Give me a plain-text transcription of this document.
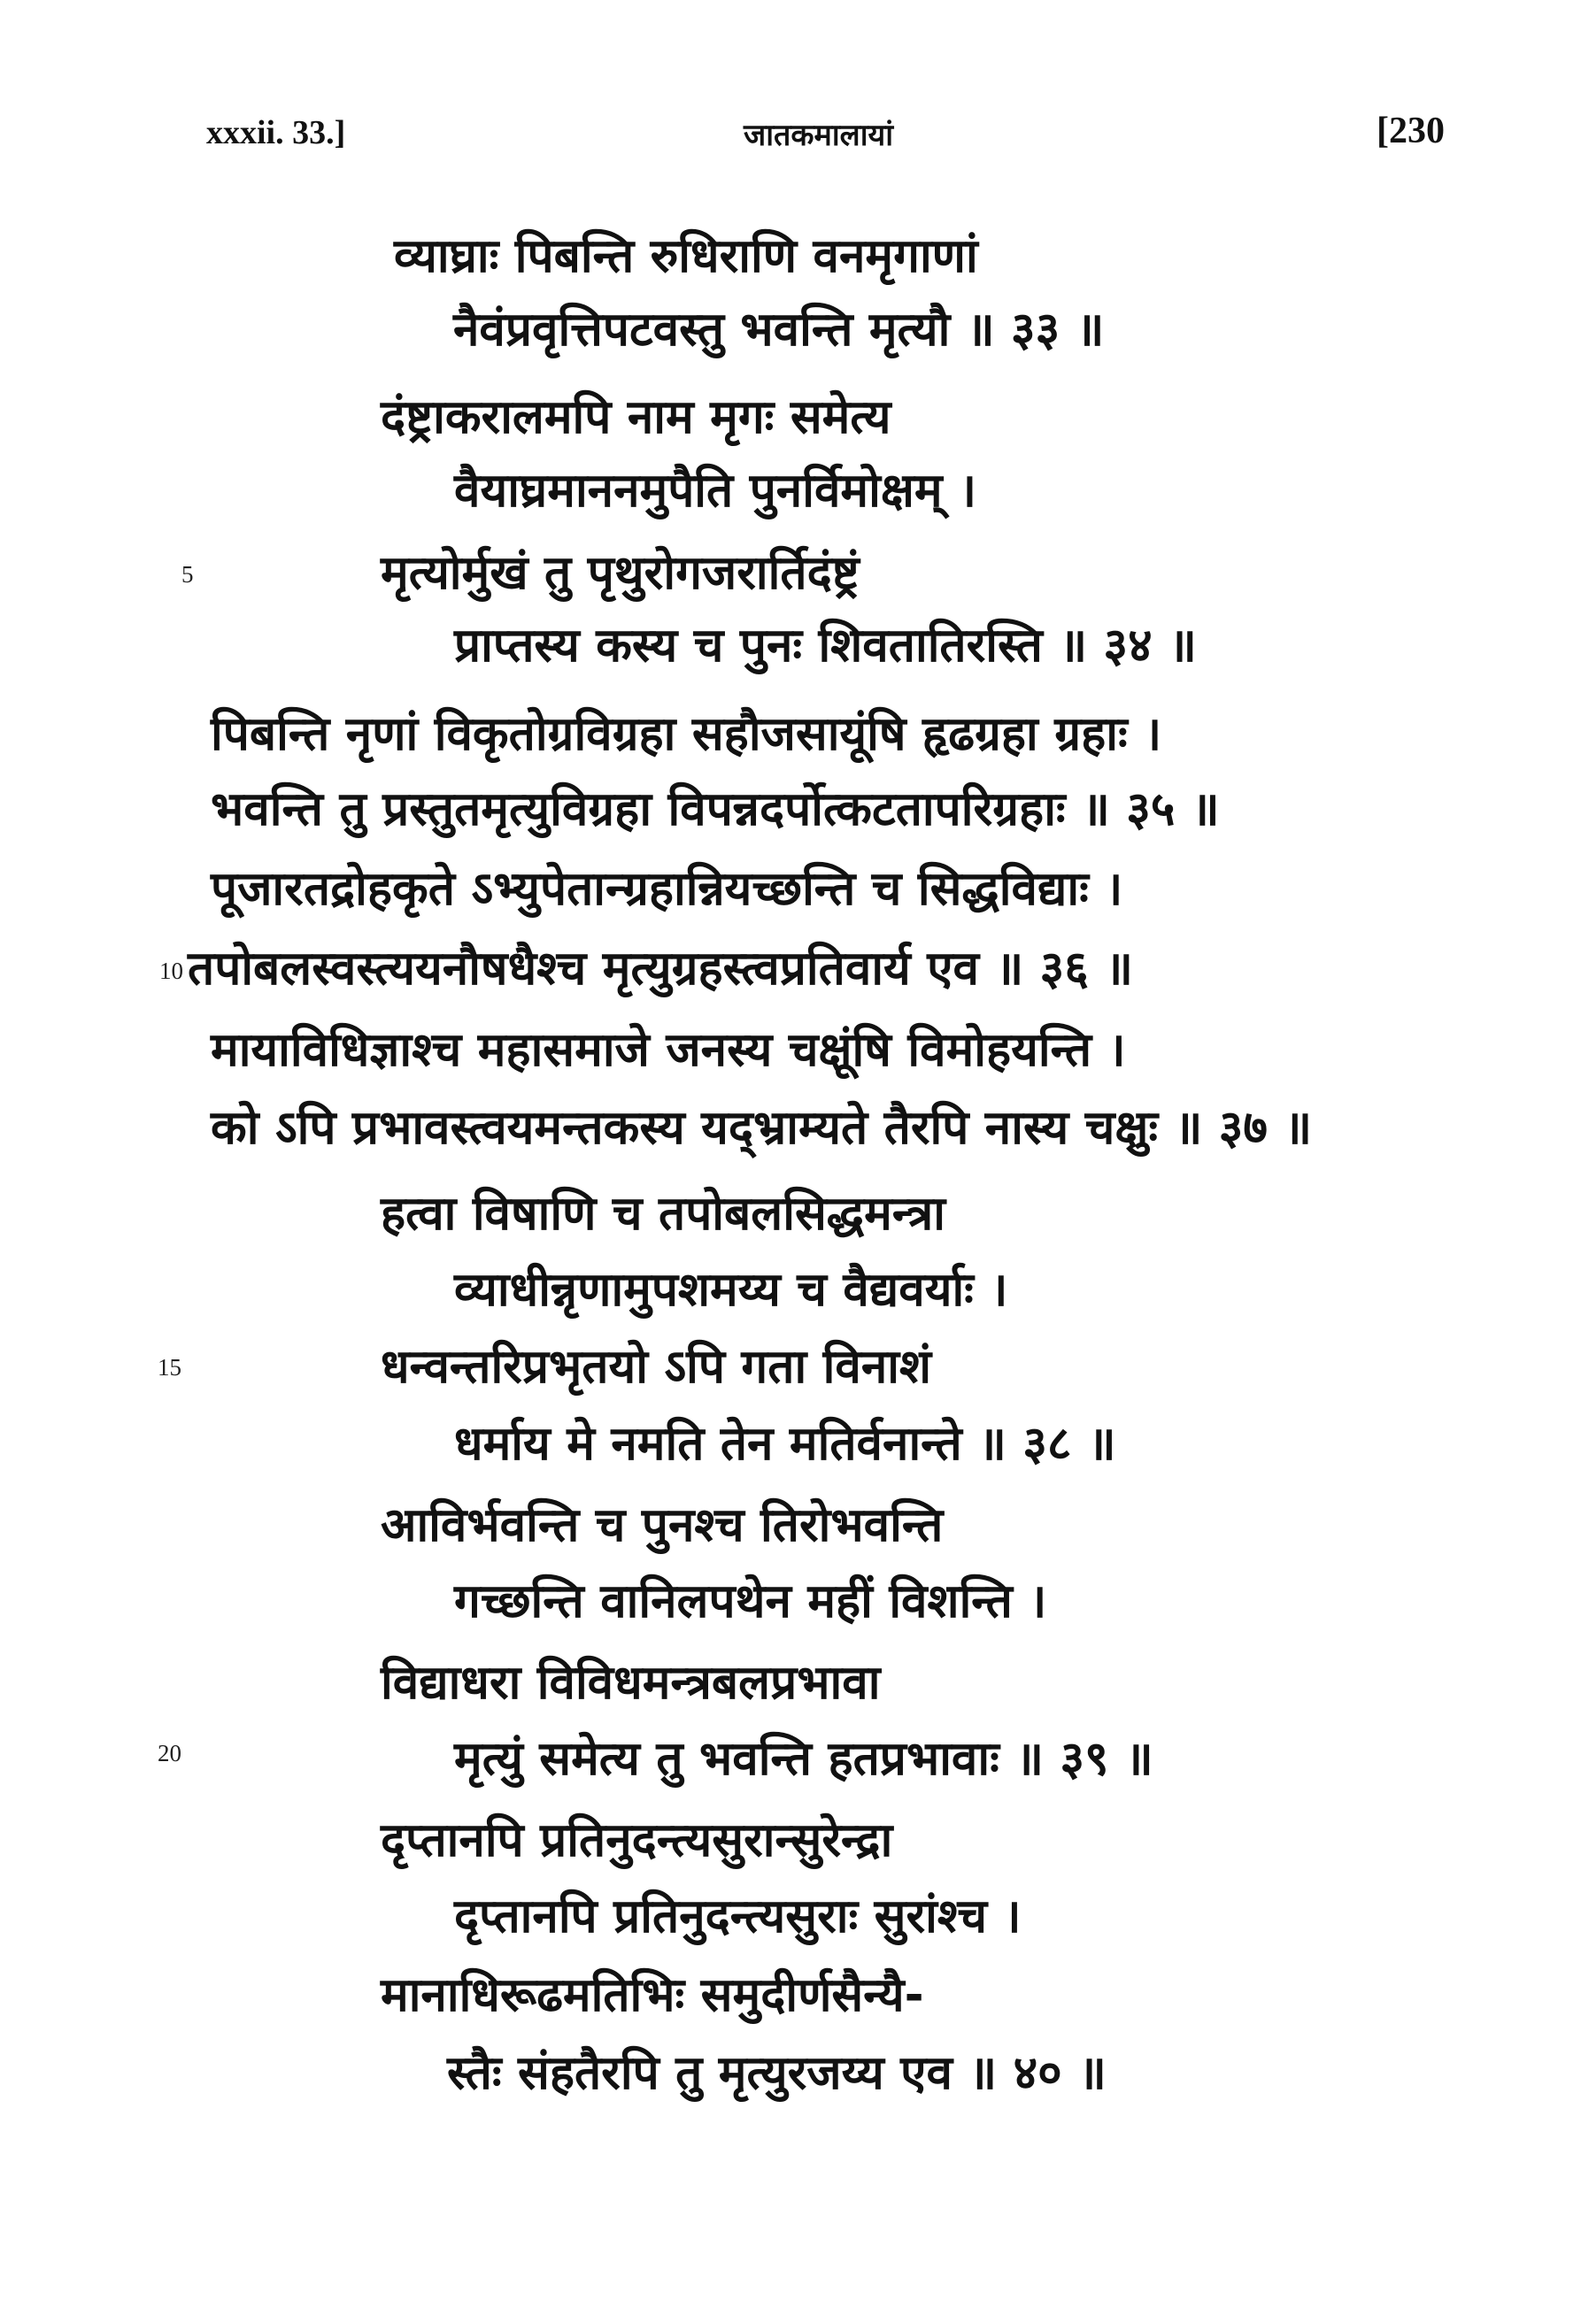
xxxii. 33.]	जातकमालायां	[230
व्याघ्राः पिबन्ति रुधिराणि वनमृगाणां
नैवंप्रवृत्तिपटवस्तु भवन्ति मृत्यौ ॥ ३३ ॥
दंष्ट्राकरालमपि नाम मृगः समेत्य
वैयाघ्रमाननमुपैति पुनर्विमोक्षम् ।
मृत्योर्मुखं तु पृथुरोगजरार्तिदंष्ट्रं
प्राप्तस्य कस्य च पुनः शिवतातिरस्ति ॥ ३४ ॥
पिबन्ति नृणां विकृतोग्रविग्रहा सहौजसायूंषि हृढग्रहा ग्रहाः ।
भवन्ति तु प्रस्तुतमृत्युविग्रहा विपन्नदर्पोत्कटतापरिग्रहाः ॥ ३५ ॥
पूजारतद्रोहकृते ऽभ्युपेतान्ग्रहान्नियच्छन्ति च सिद्धविद्याः ।
तपोबलस्वस्त्ययनौषधैश्च मृत्युग्रहस्त्वप्रतिवार्य एव ॥ ३६ ॥
मायाविधिज्ञाश्च महासमाजे जनस्य चक्षूंषि विमोहयन्ति ।
को ऽपि प्रभावस्त्वयमन्तकस्य यद्भ्राम्यते तैरपि नास्य चक्षुः ॥ ३७ ॥
हत्वा विषाणि च तपोबलसिद्धमन्त्रा
व्याधीन्नृणामुपशमय्य च वैद्यवर्याः ।
धन्वन्तरिप्रभृतयो ऽपि गता विनाशं
धर्माय मे नमति तेन मतिर्वनान्ते ॥ ३८ ॥
आविर्भवन्ति च पुनश्च तिरोभवन्ति
गच्छन्ति वानिलपथेन महीं विशन्ति ।
विद्याधरा विविधमन्त्रबलप्रभावा
मृत्युं समेत्य तु भवन्ति हतप्रभावाः ॥ ३९ ॥
दृप्तानपि प्रतिनुदन्त्यसुरान्सुरेन्द्रा
दृप्तानपि प्रतिनुदन्त्यसुराः सुरांश्च ।
मानाधिरूढमतिभिः समुदीर्णसैन्यै-
स्तैः संहतैरपि तु मृत्युरजय्य एव ॥ ४० ॥
5
10
15
20
